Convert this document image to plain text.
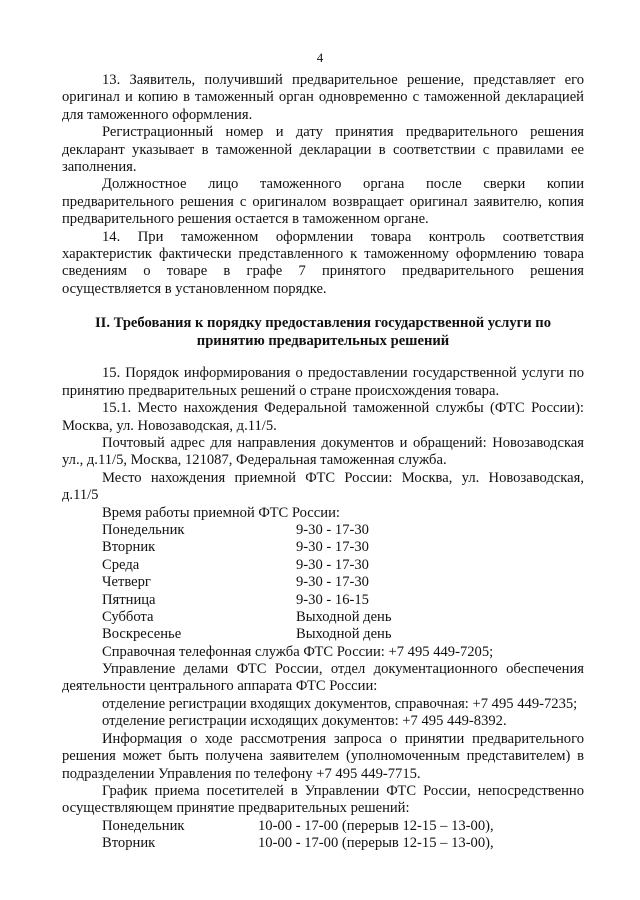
4

13. Заявитель, получивший предварительное решение, представляет его оригинал и копию в таможенный орган одновременно с таможенной декларацией для таможенного оформления.

Регистрационный номер и дату принятия предварительного решения декларант указывает в таможенной декларации в соответствии с правилами ее заполнения.

Должностное лицо таможенного органа после сверки копии предварительного решения с оригиналом возвращает оригинал заявителю, копия предварительного решения остается в таможенном органе.

14. При таможенном оформлении товара контроль соответствия характеристик фактически представленного к таможенному оформлению товара сведениям о товаре в графе 7 принятого предварительного решения осуществляется в установленном порядке.

II. Требования к порядку предоставления государственной услуги по принятию предварительных решений

15. Порядок информирования о предоставлении государственной услуги по принятию предварительных решений о стране происхождения товара.

15.1. Место нахождения Федеральной таможенной службы (ФТС России): Москва, ул. Новозаводская, д.11/5.

Почтовый адрес для направления документов и обращений: Новозаводская ул., д.11/5, Москва, 121087, Федеральная таможенная служба.

Место нахождения приемной ФТС России: Москва, ул. Новозаводская, д.11/5

Время работы приемной ФТС России:

Понедельник	9-30 - 17-30
Вторник	9-30 - 17-30
Среда	9-30 - 17-30
Четверг	9-30 - 17-30
Пятница	9-30 - 16-15
Суббота	Выходной день
Воскресенье	Выходной день

Справочная телефонная служба ФТС России: +7 495 449-7205;

Управление делами ФТС России, отдел документационного обеспечения деятельности центрального аппарата ФТС России:

отделение регистрации входящих документов, справочная: +7 495 449-7235;

отделение регистрации исходящих документов: +7 495 449-8392.

Информация о ходе рассмотрения запроса о принятии предварительного решения может быть получена заявителем (уполномоченным представителем) в подразделении Управления по телефону +7 495 449-7715.

График приема посетителей в Управлении ФТС России, непосредственно осуществляющем принятие предварительных решений:

Понедельник	10-00 - 17-00 (перерыв 12-15 – 13-00),
Вторник	10-00 - 17-00 (перерыв 12-15 – 13-00),
